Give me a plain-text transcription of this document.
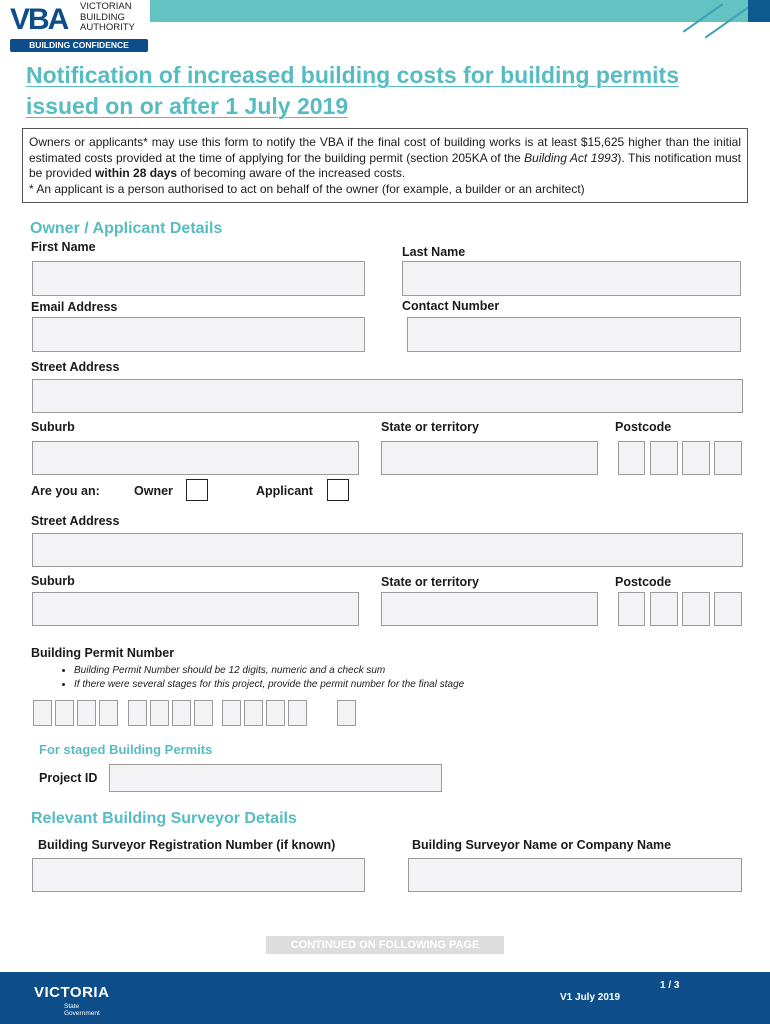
VBA VICTORIAN
BUILDING
AUTHORITY
BUILDING CONFIDENCE
Notification of increased building costs for building permits
issued on or after 1 July 2019
Owners or applicants* may use this form to notify the VBA if the final cost of building works is at least $15,625 higher than the initial estimated costs provided at the time of applying for the building permit (section 205KA of the Building Act 1993). This notification must be provided within 28 days of becoming aware of the increased costs.
* An applicant is a person authorised to act on behalf of the owner (for example, a builder or an architect)
Owner / Applicant Details
First Name	Last Name
Email Address	Contact Number
Street Address
Suburb	State or territory	Postcode
Are you an:	Owner	Applicant
Street Address
Suburb	State or territory	Postcode
Building Permit Number
• Building Permit Number should be 12 digits, numeric and a check sum
• If there were several stages for this project, provide the permit number for the final stage
For staged Building Permits
Project ID
Relevant Building Surveyor Details
Building Surveyor Registration Number (if known)	Building Surveyor Name or Company Name
CONTINUED ON FOLLOWING PAGE
VICTORIA
State
Government
V1 July 2019
1 / 3
